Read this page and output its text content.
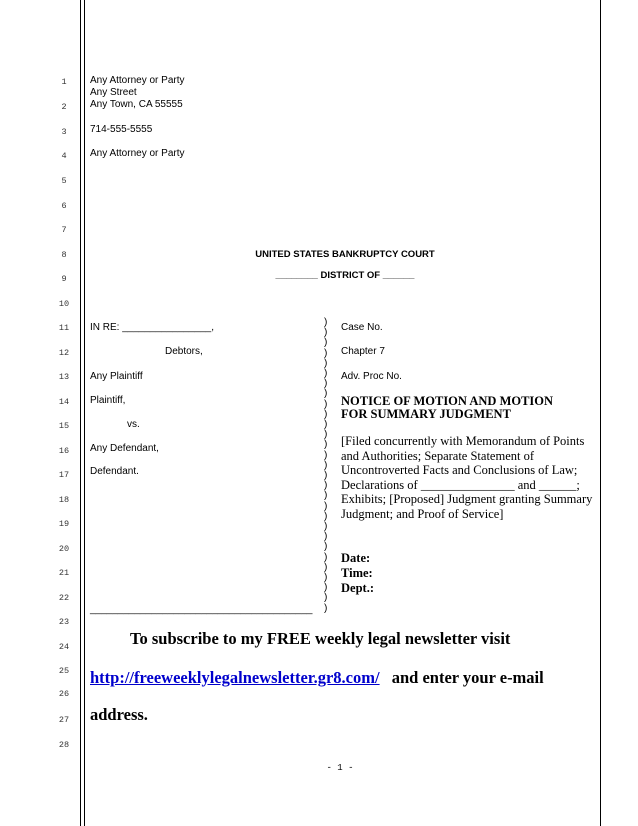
1
2
3
4
5
6
7
8
9
10
11
12
13
14
15
16
17
18
19
20
21
22
23
24
25
26
27
28
Any Attorney or Party
Any Street
Any Town, CA 55555
714-555-5555
Any Attorney or Party
UNITED STATES BANKRUPTCY COURT
________ DISTRICT OF ______
IN RE: ________________,
Debtors,
Any Plaintiff
Plaintiff,
vs.
Any Defendant,
Defendant.
________________________________________
)
)
)
)
)
)
)
)
)
)
)
)
)
)
)
)
)
)
)
)
)
)
)
)
)
)
)
)
)
Case No.
Chapter 7
Adv. Proc No.
NOTICE OF MOTION AND MOTION
FOR SUMMARY JUDGMENT
[Filed concurrently with Memorandum of Points and Authorities; Separate Statement of Uncontroverted Facts and Conclusions of Law; Declarations of _______________ and ______; Exhibits; [Proposed] Judgment granting Summary Judgment; and Proof of Service]
Date:
Time:
Dept.:
To subscribe to my FREE weekly legal newsletter visit
http://freeweeklylegalnewsletter.gr8.com/ and enter your e-mail
address.
- 1 -
